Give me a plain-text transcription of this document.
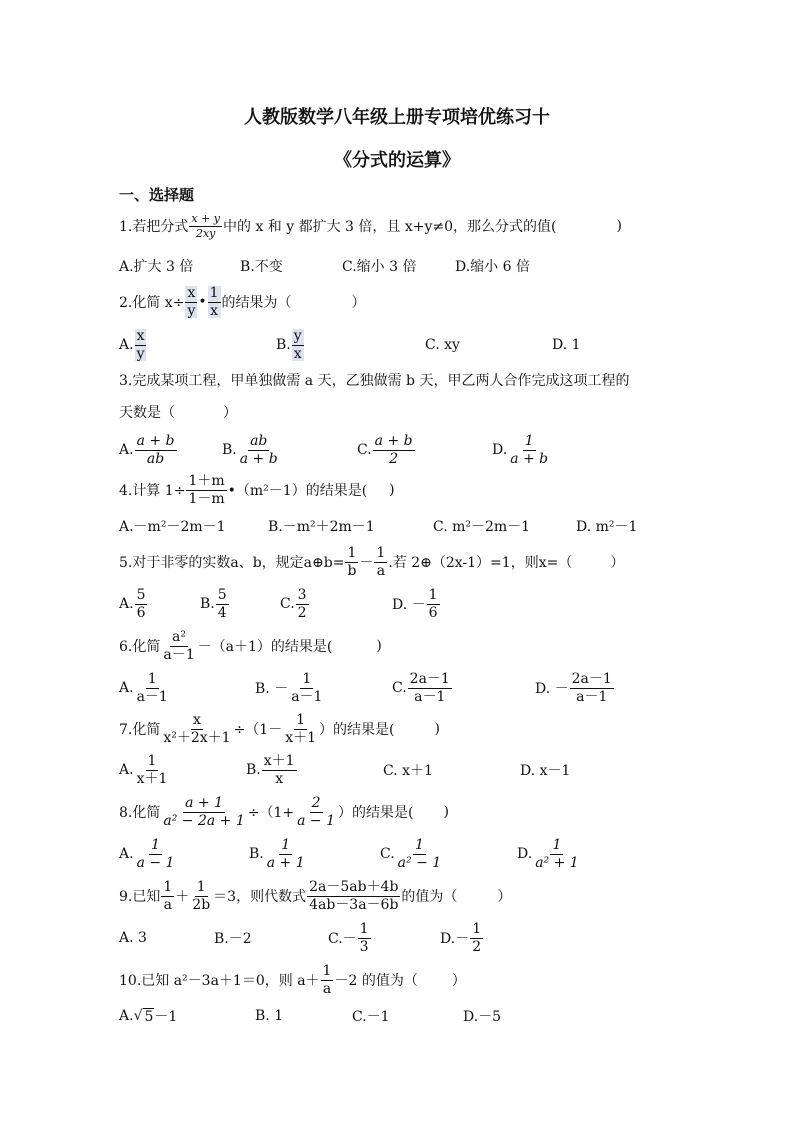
人教版数学八年级上册专项培优练习十
《分式的运算》
一、选择题
1.若把分式 $\frac{x + y}{2xy}$ 中的 x 和 y 都扩大 3 倍，且 x+y≠0，那么分式的值(	)
A.扩大 3 倍	B.不变	C.缩小 3 倍	D.缩小 6 倍
2.化简 $x\div \frac{x}{y}$ • $\frac{1}{x}$ 的结果为（	）
A. $\frac{x}{y}$	B. $\frac{y}{x}$	C. xy	D. 1
3.完成某项工程，甲单独做需 a 天，乙独做需 b 天，甲乙两人合作完成这项工程的
天数是（	）
A. $\frac{a + b}{ab}$	B. $\frac{ab}{a + b}$	C. $\frac{a + b}{2}$	D. $\frac{1}{a + b}$
4.计算 $1\div \frac{1+m}{1-m}$ •（m²－1）的结果是( )
A.－m²－2m－1	B.－m²＋2m－1	C. m²－2m－1	D. m²－1
5.对于非零的实数a、b，规定a⊕b= $\frac{1}{b} - \frac{1}{a}$ .若 2⊕（2x-1）=1，则x=（	）
A. $\frac{5}{6}$	B. $\frac{5}{4}$	C. $\frac{3}{2}$	D. － $\frac{1}{6}$
6.化简 $\frac{\text{a²}}{a-1} -(a+1)$的结果是(	)
A. $\frac{1}{a-1}$	B. － $\frac{1}{a-1}$	C. $\frac{2a-1}{a-1}$	D. － $\frac{2a-1}{a-1}$
7.化简 $\frac{x}{\text{x²＋2x＋1}} \div(1- \frac{1}{x+1}$ ）的结果是(	)
A. $\frac{1}{x+1}$	B. $\frac{x+1}{x}$	C. x＋1	D. x－1
8.化简 $\frac{a + 1}{\text{a² − 2a + 1}} \div(1+ \frac{2}{a - 1}$ ）的结果是( )
A. $\frac{1}{a - 1}$	B. $\frac{1}{a + 1}$	C. $\frac{1}{\text{a² − 1}}$	D. $\frac{1}{\text{a² + 1}}$
9.已知 $\frac{1}{a} + \frac{1}{2b} =3$，则代数式 $\frac{2a-5ab+4b}{4ab-3a-6b}$ 的值为（	）
A. 3	B.－2	$C.- \frac{1}{3}$	$D.- \frac{1}{2}$
10.已知 a²－3a＋1＝0，则 $a+ \frac{1}{a} -2$ 的值为（ ）
A. √ 5 －1	B. 1	C.－1	D.－5
